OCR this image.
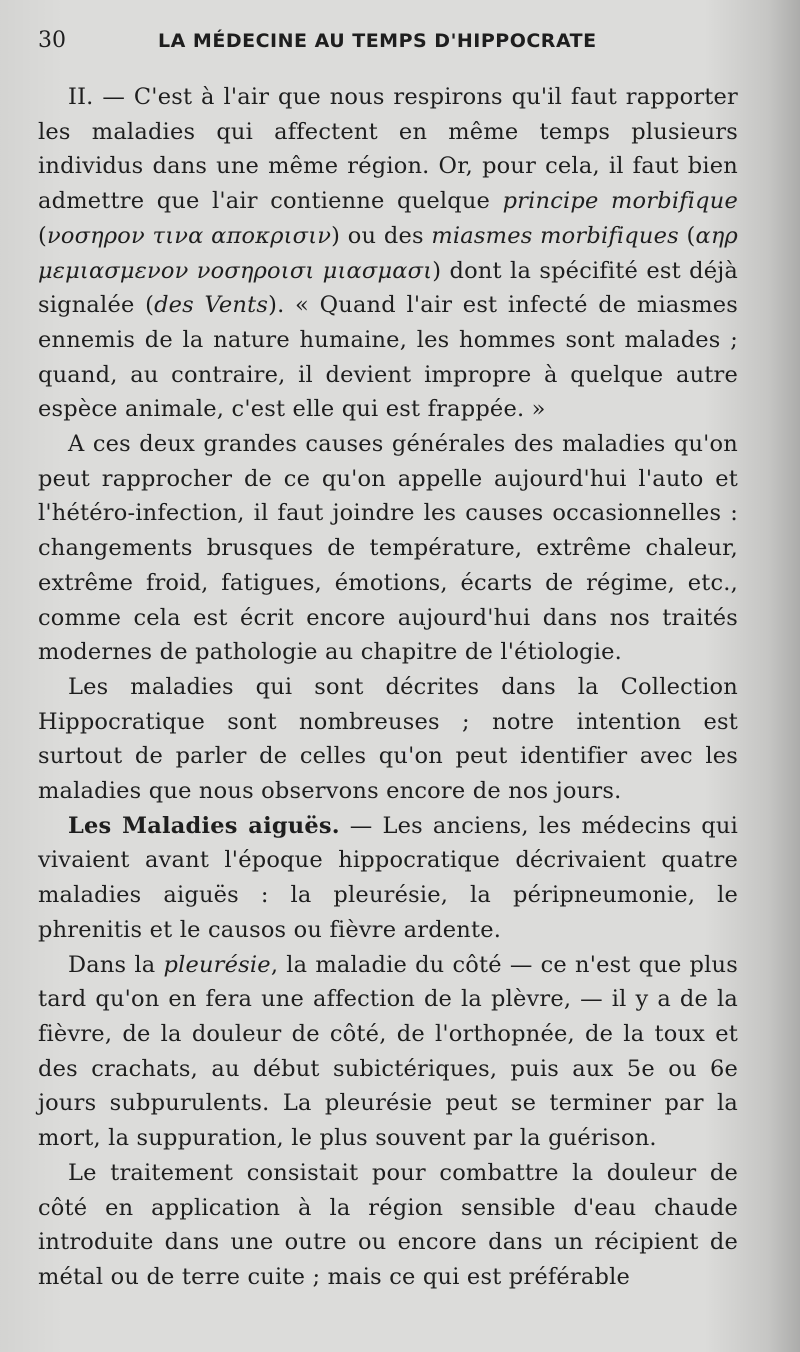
30	LA MÉDECINE AU TEMPS D'HIPPOCRATE

II. — C'est à l'air que nous respirons qu'il faut rapporter les maladies qui affectent en même temps plusieurs individus dans une même région. Or, pour cela, il faut bien admettre que l'air contienne quelque principe morbifique (νοσηρον τινα αποκρισιν) ou des miasmes morbifiques (αηρ μεμιασμενον νοσηροισι μιασμασι) dont la spécifité est déjà signalée (des Vents). « Quand l'air est infecté de miasmes ennemis de la nature humaine, les hommes sont malades ; quand, au contraire, il devient impropre à quelque autre espèce animale, c'est elle qui est frappée. »

A ces deux grandes causes générales des maladies qu'on peut rapprocher de ce qu'on appelle aujourd'hui l'auto et l'hétéro-infection, il faut joindre les causes occasionnelles : changements brusques de température, extrême chaleur, extrême froid, fatigues, émotions, écarts de régime, etc., comme cela est écrit encore aujourd'hui dans nos traités modernes de pathologie au chapitre de l'étiologie.

Les maladies qui sont décrites dans la Collection Hippocratique sont nombreuses ; notre intention est surtout de parler de celles qu'on peut identifier avec les maladies que nous observons encore de nos jours.

Les Maladies aiguës. — Les anciens, les médecins qui vivaient avant l'époque hippocratique décrivaient quatre maladies aiguës : la pleurésie, la péripneumonie, le phrenitis et le causos ou fièvre ardente.

Dans la pleurésie, la maladie du côté — ce n'est que plus tard qu'on en fera une affection de la plèvre, — il y a de la fièvre, de la douleur de côté, de l'orthopnée, de la toux et des crachats, au début subictériques, puis aux 5e ou 6e jours subpurulents. La pleurésie peut se terminer par la mort, la suppuration, le plus souvent par la guérison.

Le traitement consistait pour combattre la douleur de côté en application à la région sensible d'eau chaude introduite dans une outre ou encore dans un récipient de métal ou de terre cuite ; mais ce qui est préférable
